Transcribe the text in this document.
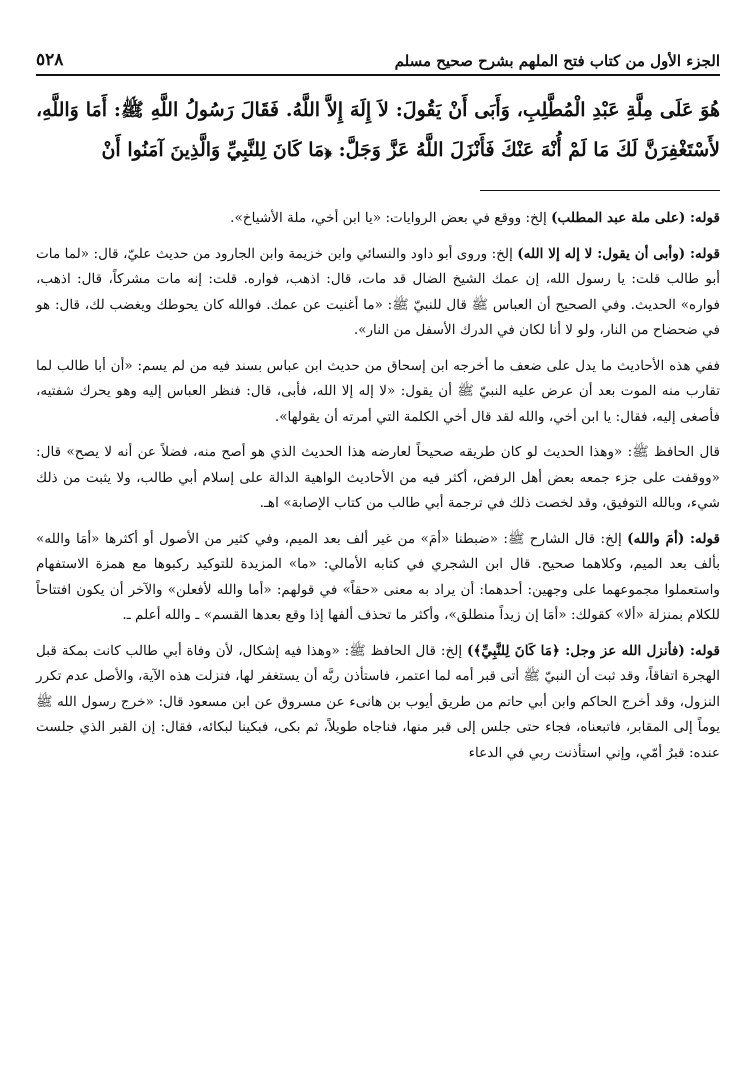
٥٢٨	الجزء الأول من كتاب فتح الملهم بشرح صحيح مسلم
هُوَ عَلَى مِلَّةِ عَبْدِ الْمُطَّلِبِ، وَأَبَى أَنْ يَقُولَ: لاَ إِلَهَ إِلاَّ اللَّهُ. فَقَالَ رَسُولُ اللَّهِ ﷺ: أَمَا وَاللَّهِ، لأَسْتَغْفِرَنَّ لَكَ مَا لَمْ أُنْهَ عَنْكَ فَأَنْزَلَ اللَّهُ عَزَّ وَجَلَّ: ﴿مَا كَانَ لِلنَّبِيِّ وَالَّذِينَ آمَنُوا أَنْ

قوله: (على ملة عبد المطلب) إلخ: ووقع في بعض الروايات: «يا ابن أخي، ملة الأشياخ».

قوله: (وأبى أن يقول: لا إله إلا الله) إلخ: وروى أبو داود والنسائي وابن خزيمة وابن الجارود من حديث عليّ، قال: «لما مات أبو طالب قلت: يا رسول الله، إن عمك الشيخ الضال قد مات، قال: اذهب، فواره. قلت: إنه مات مشركاً، قال: اذهب، فواره» الحديث. وفي الصحيح أن العباس ﷺ قال للنبيّ ﷺ: «ما أغنيت عن عمك. فوالله كان يحوطك ويغضب لك، قال: هو في ضحضاح من النار، ولو لا أنا لكان في الدرك الأسفل من النار».

ففي هذه الأحاديث ما يدل على ضعف ما أخرجه ابن إسحاق من حديث ابن عباس بسند فيه من لم يسم: «أن أبا طالب لما تقارب منه الموت بعد أن عرض عليه النبيّ ﷺ أن يقول: «لا إله إلا الله، فأبى، قال: فنظر العباس إليه وهو يحرك شفتيه، فأصغى إليه، فقال: يا ابن أخي، والله لقد قال أخي الكلمة التي أمرته أن يقولها».

قال الحافظ ﷺ: «وهذا الحديث لو كان طريقه صحيحاً لعارضه هذا الحديث الذي هو أصح منه، فضلاً عن أنه لا يصح» قال: «ووقفت على جزء جمعه بعض أهل الرفض، أكثر فيه من الأحاديث الواهية الدالة على إسلام أبي طالب، ولا يثبت من ذلك شيء، وبالله التوفيق، وقد لخصت ذلك في ترجمة أبي طالب من كتاب الإصابة» اهـ.

قوله: (أمَ والله) إلخ: قال الشارح ﷺ: «ضبطنا «أمَ» من غير ألف بعد الميم، وفي كثير من الأصول أو أكثرها «أمَا والله» بألف بعد الميم، وكلاهما صحيح. قال ابن الشجري في كتابه الأمالي: «ما» المزيدة للتوكيد ركبوها مع همزة الاستفهام واستعملوا مجموعهما على وجهين: أحدهما: أن يراد به معنى «حقاً» في قولهم: «أما والله لأفعلن» والآخر أن يكون افتتاحاً للكلام بمنزلة «ألا» كقولك: «أمَا إن زيداً منطلق»، وأكثر ما تحذف ألفها إذا وقع بعدها القسم» ـ والله أعلم ـ.

قوله: (فأنزل الله عز وجل: ﴿مَا كَانَ لِلنَّبِيِّ﴾) إلخ: قال الحافظ ﷺ: «وهذا فيه إشكال، لأن وفاة أبي طالب كانت بمكة قبل الهجرة اتفاقاً، وقد ثبت أن النبيّ ﷺ أتى قبر أمه لما اعتمر، فاستأذن ربَّه أن يستغفر لها، فنزلت هذه الآية، والأصل عدم تكرر النزول، وقد أخرج الحاكم وابن أبي حاتم من طريق أيوب بن هانىء عن مسروق عن ابن مسعود قال: «خرج رسول الله ﷺ يوماً إلى المقابر، فاتبعناه، فجاء حتى جلس إلى قبر منها، فناجاه طويلاً، ثم بكى، فبكينا لبكائه، فقال: إن القبر الذي جلست عنده: قبرُ أمّي، وإني استأذنت ربي في الدعاء
